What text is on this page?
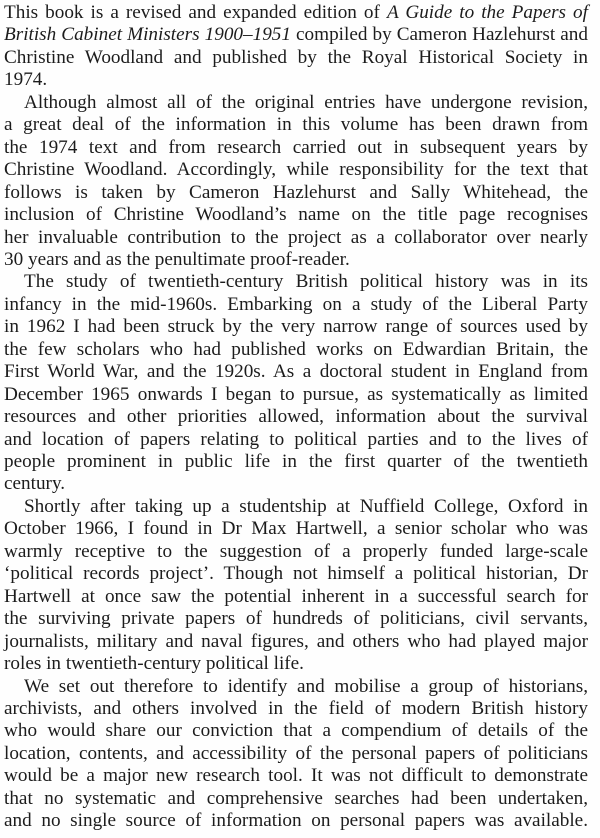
This book is a revised and expanded edition of A Guide to the Papers of
British Cabinet Ministers 1900–1951 compiled by Cameron Hazlehurst and
Christine Woodland and published by the Royal Historical Society in
1974.
Although almost all of the original entries have undergone revision,
a great deal of the information in this volume has been drawn from
the 1974 text and from research carried out in subsequent years by
Christine Woodland. Accordingly, while responsibility for the text that
follows is taken by Cameron Hazlehurst and Sally Whitehead, the
inclusion of Christine Woodland’s name on the title page recognises
her invaluable contribution to the project as a collaborator over nearly
30 years and as the penultimate proof-reader.
The study of twentieth-century British political history was in its
infancy in the mid-1960s. Embarking on a study of the Liberal Party
in 1962 I had been struck by the very narrow range of sources used by
the few scholars who had published works on Edwardian Britain, the
First World War, and the 1920s. As a doctoral student in England from
December 1965 onwards I began to pursue, as systematically as limited
resources and other priorities allowed, information about the survival
and location of papers relating to political parties and to the lives of
people prominent in public life in the first quarter of the twentieth
century.
Shortly after taking up a studentship at Nuffield College, Oxford in
October 1966, I found in Dr Max Hartwell, a senior scholar who was
warmly receptive to the suggestion of a properly funded large-scale
‘political records project’. Though not himself a political historian, Dr
Hartwell at once saw the potential inherent in a successful search for
the surviving private papers of hundreds of politicians, civil servants,
journalists, military and naval figures, and others who had played major
roles in twentieth-century political life.
We set out therefore to identify and mobilise a group of historians,
archivists, and others involved in the field of modern British history
who would share our conviction that a compendium of details of the
location, contents, and accessibility of the personal papers of politicians
would be a major new research tool. It was not difficult to demonstrate
that no systematic and comprehensive searches had been undertaken,
and no single source of information on personal papers was available.
